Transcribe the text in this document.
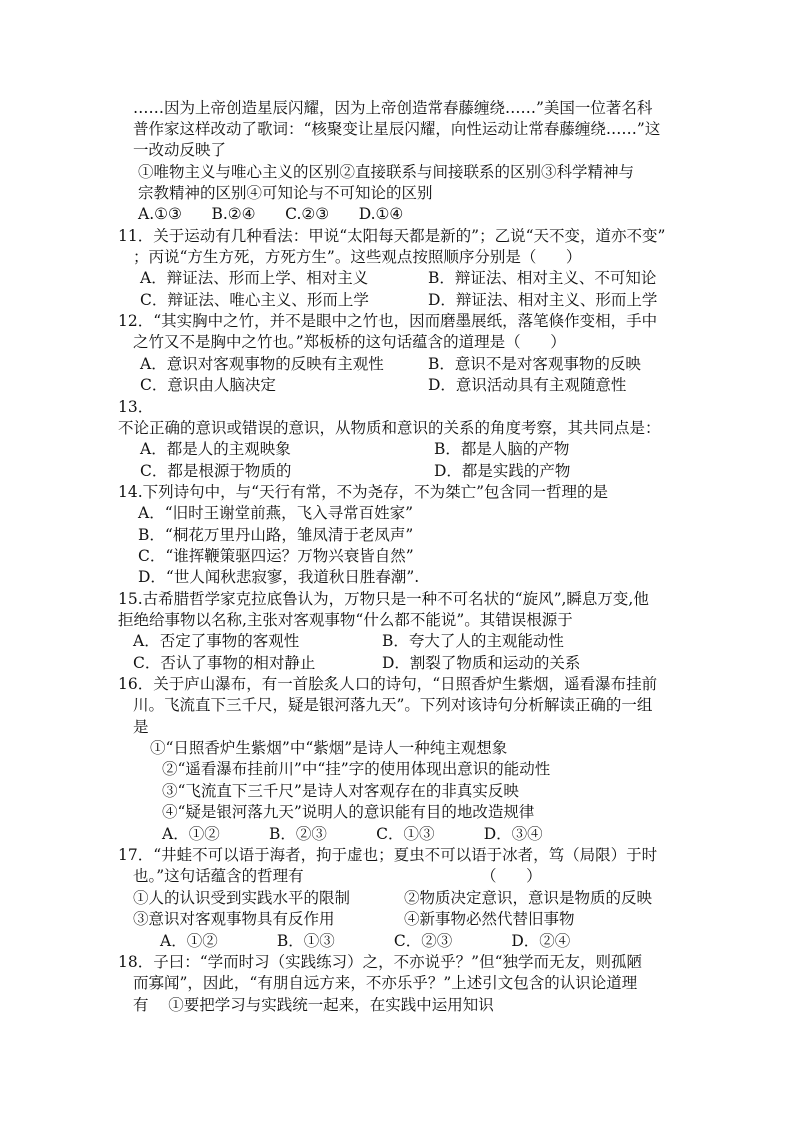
……因为上帝创造星辰闪耀，因为上帝创造常春藤缠绕……”美国一位著名科
普作家这样改动了歌词：“核聚变让星辰闪耀，向性运动让常春藤缠绕……”这
一改动反映了
①唯物主义与唯心主义的区别②直接联系与间接联系的区别③科学精神与
宗教精神的区别④可知论与不可知论的区别
A.①③      B.②④      C.②③      D.①④
11．关于运动有几种看法：甲说“太阳每天都是新的”；乙说“天不变，道亦不变”
；丙说“方生方死，方死方生”。这些观点按照顺序分别是（      ）
A．辩证法、形而上学、相对主义	B．辩证法、相对主义、不可知论
C．辩证法、唯心主义、形而上学	D．辩证法、相对主义、形而上学
12．“其实胸中之竹，并不是眼中之竹也，因而磨墨展纸，落笔倏作变相，手中
之竹又不是胸中之竹也。”郑板桥的这句话蕴含的道理是（      ）
A．意识对客观事物的反映有主观性	B．意识不是对客观事物的反映
C．意识由人脑决定	D．意识活动具有主观随意性
13．
不论正确的意识或错误的意识，从物质和意识的关系的角度考察，其共同点是：
A．都是人的主观映象	B．都是人脑的产物
C．都是根源于物质的	D．都是实践的产物
14.下列诗句中，与“天行有常，不为尧存，不为桀亡”包含同一哲理的是
A．“旧时王谢堂前燕，飞入寻常百姓家”
B．“桐花万里丹山路，雏凤清于老凤声”
C．“谁挥鞭策驱四运？万物兴衰皆自然”
D．“世人闻秋悲寂寥，我道秋日胜春潮”.
15.古希腊哲学家克拉底鲁认为，万物只是一种不可名状的“旋风”,瞬息万变,他
拒绝给事物以名称,主张对客观事物“什么都不能说”。其错误根源于
A．否定了事物的客观性	B．夸大了人的主观能动性
C．否认了事物的相对静止	D．割裂了物质和运动的关系
16．关于庐山瀑布，有一首脍炙人口的诗句，“日照香炉生紫烟，遥看瀑布挂前
川。飞流直下三千尺，疑是银河落九天”。下列对该诗句分析解读正确的一组
是
①“日照香炉生紫烟”中“紫烟”是诗人一种纯主观想象
②“遥看瀑布挂前川”中“挂”字的使用体现出意识的能动性
③“飞流直下三千尺”是诗人对客观存在的非真实反映
④“疑是银河落九天”说明人的意识能有目的地改造规律
A．①②          B．②③          C．①③          D．③④
17．“井蛙不可以语于海者，拘于虚也；夏虫不可以语于冰者，笃（局限）于时
也。”这句话蕴含的哲理有                                    （      ）
①人的认识受到实践水平的限制	②物质决定意识，意识是物质的反映
③意识对客观事物具有反作用	④新事物必然代替旧事物
A．①②            B．①③            C．②③            D．②④
18．子曰：“学而时习（实践练习）之，不亦说乎？”但“独学而无友，则孤陋
而寡闻”，因此，“有朋自远方来，不亦乐乎？”上述引文包含的认识论道理
有    ①要把学习与实践统一起来，在实践中运用知识
